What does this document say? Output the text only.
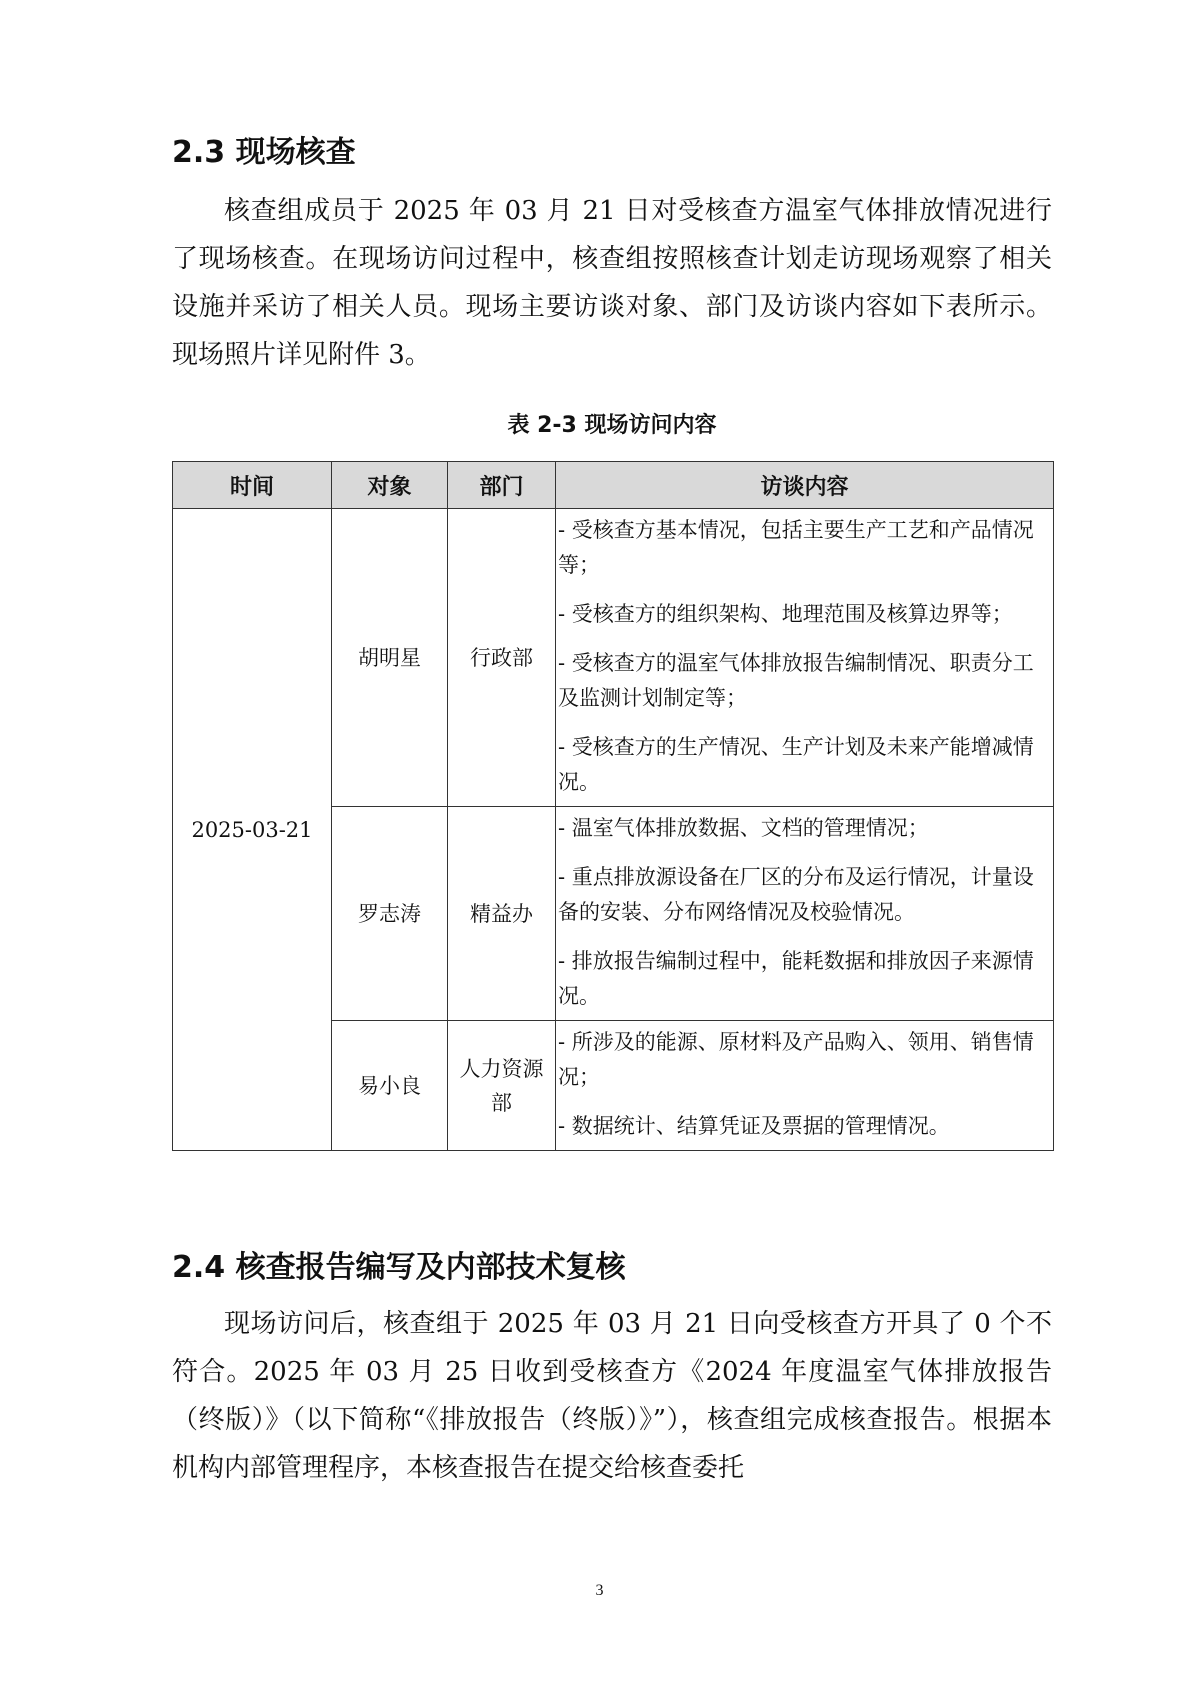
2.3 现场核查

核查组成员于 2025 年 03 月 21 日对受核查方温室气体排放情况进行了现场核查。在现场访问过程中，核查组按照核查计划走访现场观察了相关设施并采访了相关人员。现场主要访谈对象、部门及访谈内容如下表所示。现场照片详见附件 3。

表 2-3 现场访问内容

时间	对象	部门	访谈内容
2025-03-21	胡明星	行政部	- 受核查方基本情况，包括主要生产工艺和产品情况等；

- 受核查方的组织架构、地理范围及核算边界等；

- 受核查方的温室气体排放报告编制情况、职责分工及监测计划制定等；

- 受核查方的生产情况、生产计划及未来产能增减情况。

	罗志涛	精益办	- 温室气体排放数据、文档的管理情况；

- 重点排放源设备在厂区的分布及运行情况，计量设备的安装、分布网络情况及校验情况。

- 排放报告编制过程中，能耗数据和排放因子来源情况。

	易小良	人力资源部	- 所涉及的能源、原材料及产品购入、领用、销售情况；

- 数据统计、结算凭证及票据的管理情况。

2.4 核查报告编写及内部技术复核

现场访问后，核查组于 2025 年 03 月 21 日向受核查方开具了 0 个不符合。2025 年 03 月 25 日收到受核查方《2024 年度温室气体排放报告（终版）》（以下简称“《排放报告（终版）》”），核查组完成核查报告。根据本机构内部管理程序，本核查报告在提交给核查委托

3
